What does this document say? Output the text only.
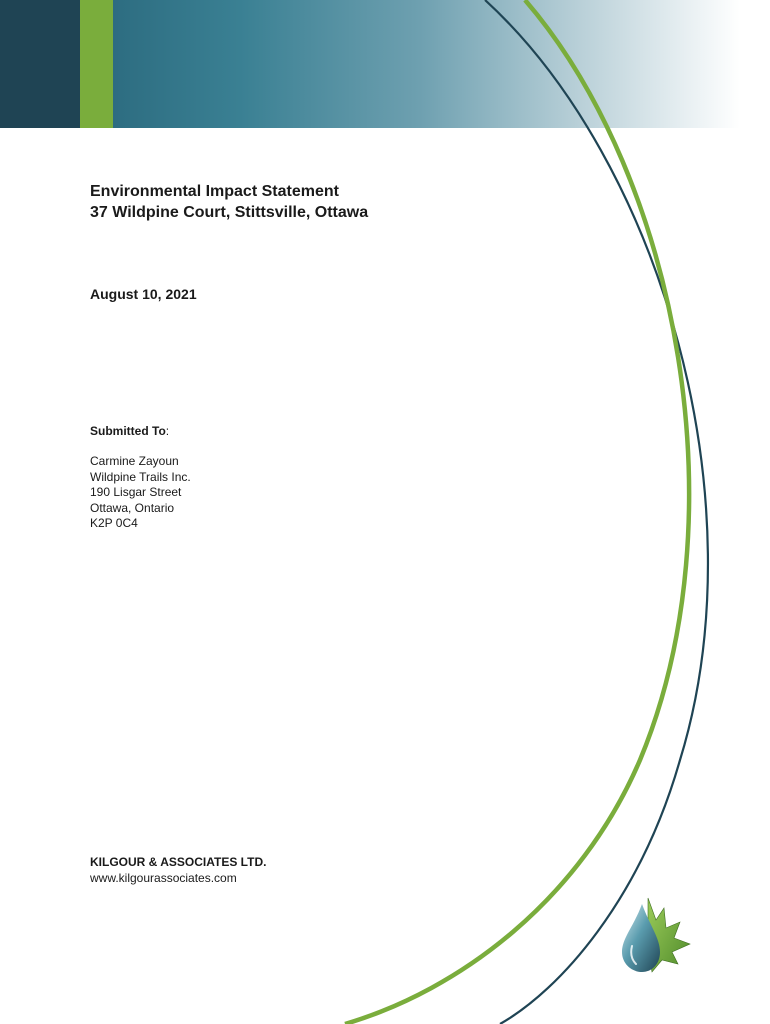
Environmental Impact Statement
37 Wildpine Court, Stittsville, Ottawa
August 10, 2021
Submitted To:
Carmine Zayoun
Wildpine Trails Inc.
190 Lisgar Street
Ottawa, Ontario
K2P 0C4
KILGOUR & ASSOCIATES LTD.
www.kilgourassociates.com
